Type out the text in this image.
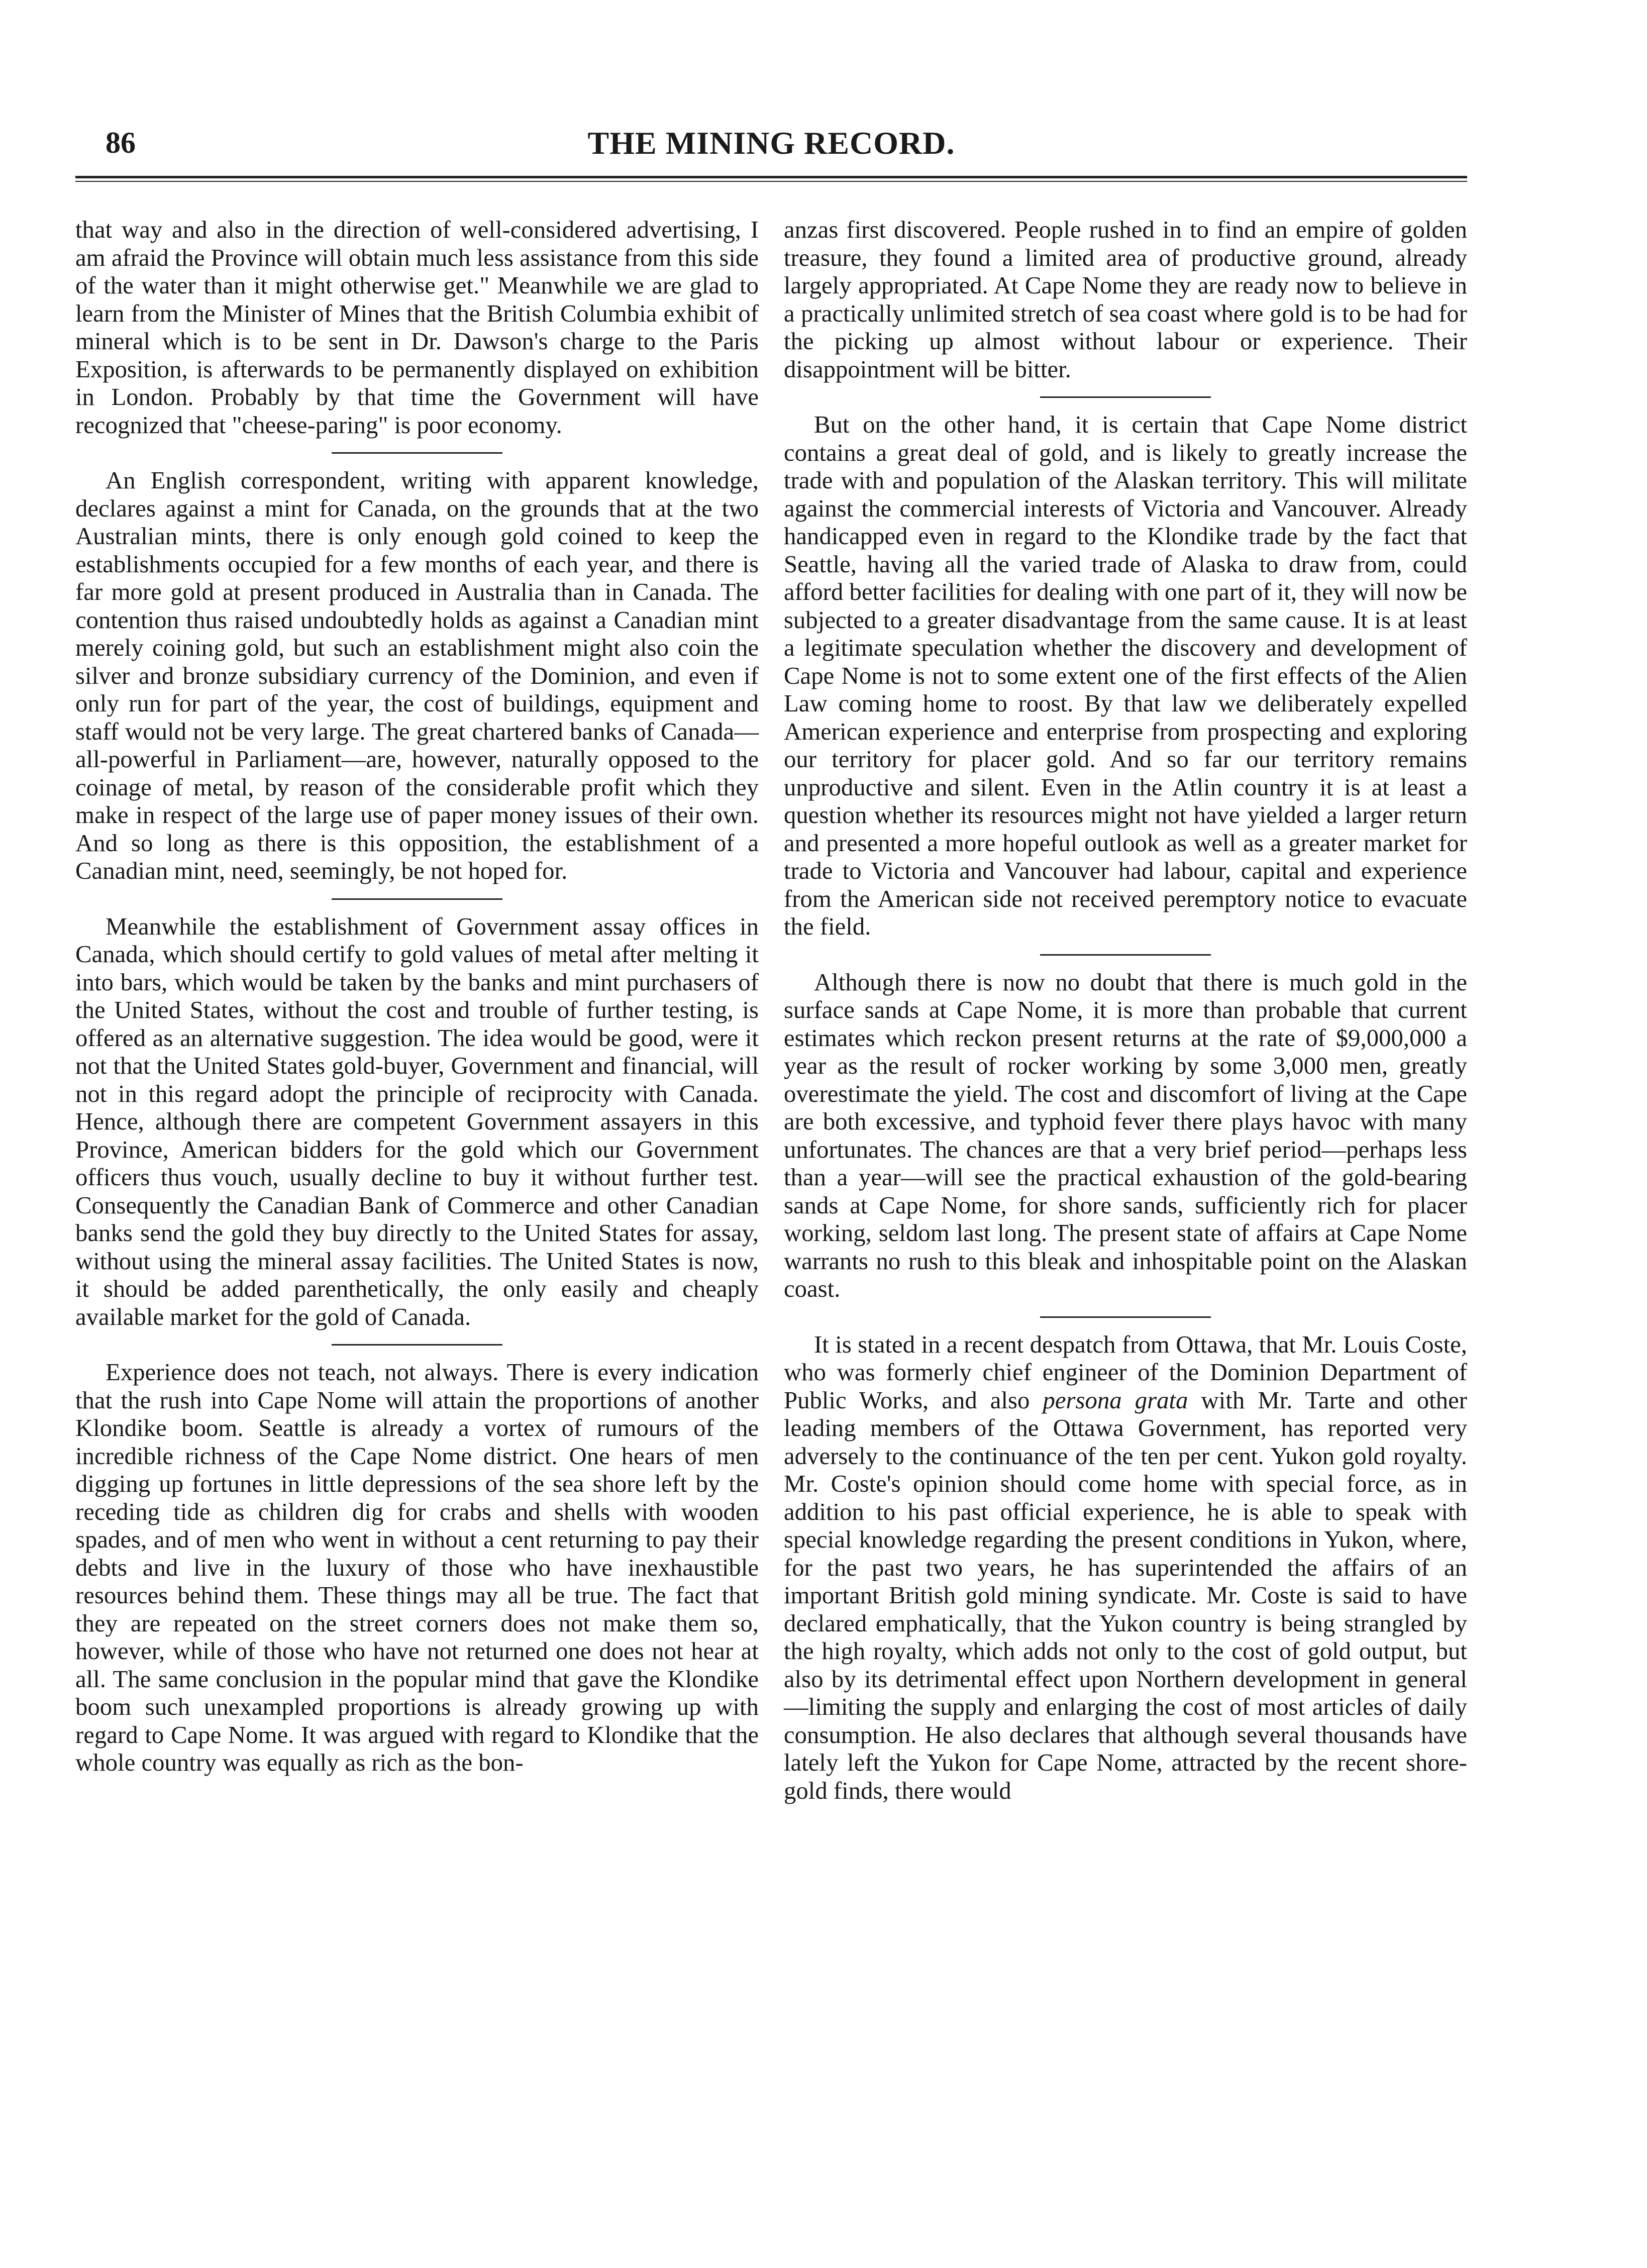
86	THE MINING RECORD.

that way and also in the direction of well-considered advertising, I am afraid the Province will obtain much less assistance from this side of the water than it might otherwise get." Meanwhile we are glad to learn from the Minister of Mines that the British Columbia exhibit of mineral which is to be sent in Dr. Dawson's charge to the Paris Exposition, is afterwards to be permanently displayed on exhibition in London. Probably by that time the Government will have recognized that "cheese-paring" is poor economy.

An English correspondent, writing with apparent knowledge, declares against a mint for Canada, on the grounds that at the two Australian mints, there is only enough gold coined to keep the establishments occupied for a few months of each year, and there is far more gold at present produced in Australia than in Canada. The contention thus raised undoubtedly holds as against a Canadian mint merely coining gold, but such an establishment might also coin the silver and bronze subsidiary currency of the Dominion, and even if only run for part of the year, the cost of buildings, equipment and staff would not be very large. The great chartered banks of Canada—all-powerful in Parliament—are, however, naturally opposed to the coinage of metal, by reason of the considerable profit which they make in respect of the large use of paper money issues of their own. And so long as there is this opposition, the establishment of a Canadian mint, need, seemingly, be not hoped for.

Meanwhile the establishment of Government assay offices in Canada, which should certify to gold values of metal after melting it into bars, which would be taken by the banks and mint purchasers of the United States, without the cost and trouble of further testing, is offered as an alternative suggestion. The idea would be good, were it not that the United States gold-buyer, Government and financial, will not in this regard adopt the principle of reciprocity with Canada. Hence, although there are competent Government assayers in this Province, American bidders for the gold which our Government officers thus vouch, usually decline to buy it without further test. Consequently the Canadian Bank of Commerce and other Canadian banks send the gold they buy directly to the United States for assay, without using the mineral assay facilities. The United States is now, it should be added parenthetically, the only easily and cheaply available market for the gold of Canada.

Experience does not teach, not always. There is every indication that the rush into Cape Nome will attain the proportions of another Klondike boom. Seattle is already a vortex of rumours of the incredible richness of the Cape Nome district. One hears of men digging up fortunes in little depressions of the sea shore left by the receding tide as children dig for crabs and shells with wooden spades, and of men who went in without a cent returning to pay their debts and live in the luxury of those who have inexhaustible resources behind them. These things may all be true. The fact that they are repeated on the street corners does not make them so, however, while of those who have not returned one does not hear at all. The same conclusion in the popular mind that gave the Klondike boom such unexampled proportions is already growing up with regard to Cape Nome. It was argued with regard to Klondike that the whole country was equally as rich as the bon-

anzas first discovered. People rushed in to find an empire of golden treasure, they found a limited area of productive ground, already largely appropriated. At Cape Nome they are ready now to believe in a practically unlimited stretch of sea coast where gold is to be had for the picking up almost without labour or experience. Their disappointment will be bitter.

But on the other hand, it is certain that Cape Nome district contains a great deal of gold, and is likely to greatly increase the trade with and population of the Alaskan territory. This will militate against the commercial interests of Victoria and Vancouver. Already handicapped even in regard to the Klondike trade by the fact that Seattle, having all the varied trade of Alaska to draw from, could afford better facilities for dealing with one part of it, they will now be subjected to a greater disadvantage from the same cause. It is at least a legitimate speculation whether the discovery and development of Cape Nome is not to some extent one of the first effects of the Alien Law coming home to roost. By that law we deliberately expelled American experience and enterprise from prospecting and exploring our territory for placer gold. And so far our territory remains unproductive and silent. Even in the Atlin country it is at least a question whether its resources might not have yielded a larger return and presented a more hopeful outlook as well as a greater market for trade to Victoria and Vancouver had labour, capital and experience from the American side not received peremptory notice to evacuate the field.

Although there is now no doubt that there is much gold in the surface sands at Cape Nome, it is more than probable that current estimates which reckon present returns at the rate of $9,000,000 a year as the result of rocker working by some 3,000 men, greatly overestimate the yield. The cost and discomfort of living at the Cape are both excessive, and typhoid fever there plays havoc with many unfortunates. The chances are that a very brief period—perhaps less than a year—will see the practical exhaustion of the gold-bearing sands at Cape Nome, for shore sands, sufficiently rich for placer working, seldom last long. The present state of affairs at Cape Nome warrants no rush to this bleak and inhospitable point on the Alaskan coast.

It is stated in a recent despatch from Ottawa, that Mr. Louis Coste, who was formerly chief engineer of the Dominion Department of Public Works, and also persona grata with Mr. Tarte and other leading members of the Ottawa Government, has reported very adversely to the continuance of the ten per cent. Yukon gold royalty. Mr. Coste's opinion should come home with special force, as in addition to his past official experience, he is able to speak with special knowledge regarding the present conditions in Yukon, where, for the past two years, he has superintended the affairs of an important British gold mining syndicate. Mr. Coste is said to have declared emphatically, that the Yukon country is being strangled by the high royalty, which adds not only to the cost of gold output, but also by its detrimental effect upon Northern development in general—limiting the supply and enlarging the cost of most articles of daily consumption. He also declares that although several thousands have lately left the Yukon for Cape Nome, attracted by the recent shore-gold finds, there would
